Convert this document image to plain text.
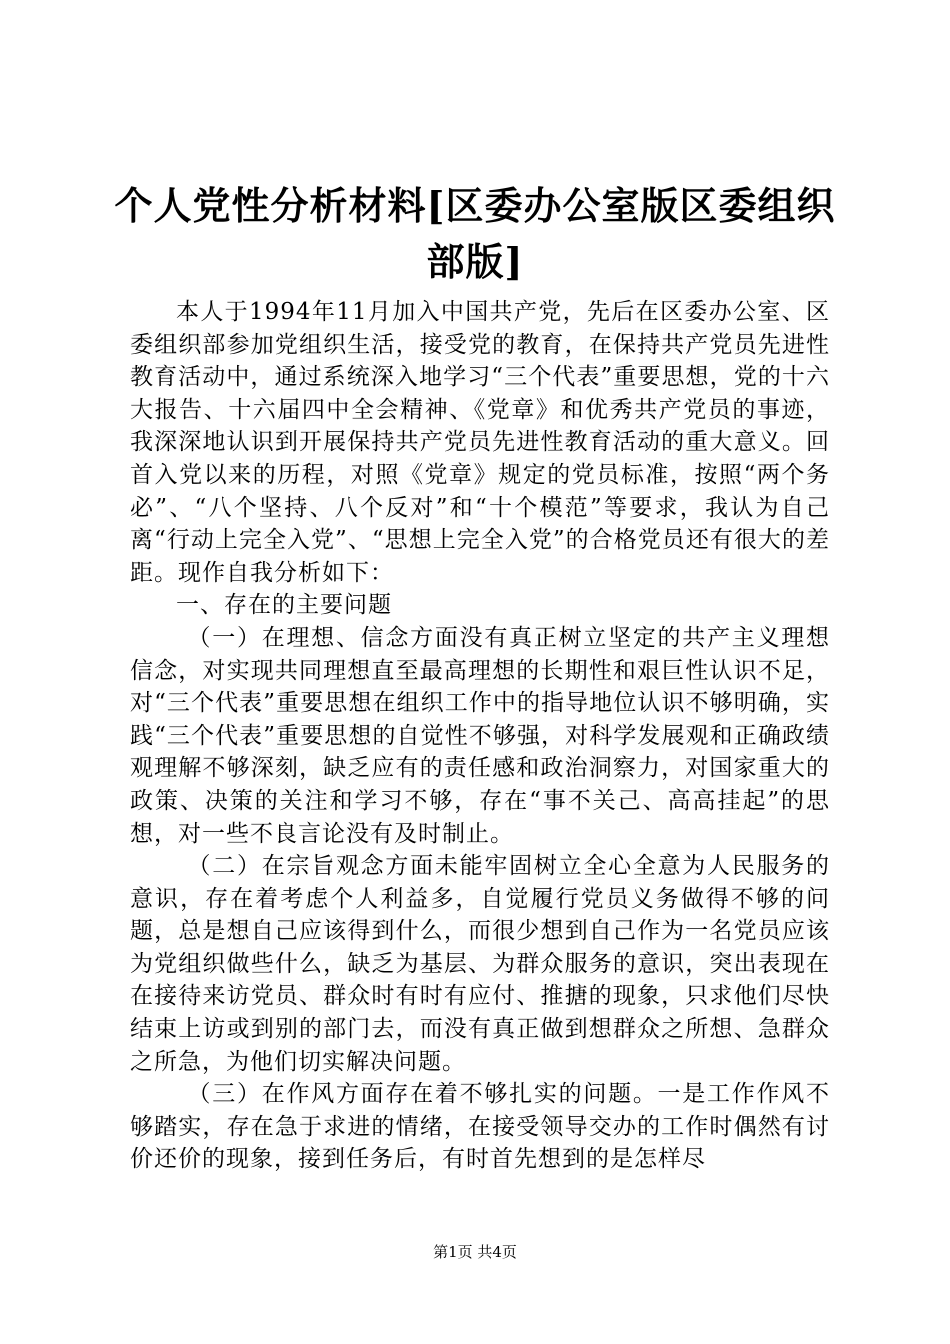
个人党性分析材料[区委办公室版区委组织部版]

本人于1994年11月加入中国共产党，先后在区委办公室、区委组织部参加党组织生活，接受党的教育，在保持共产党员先进性教育活动中，通过系统深入地学习“三个代表”重要思想，党的十六大报告、十六届四中全会精神、《党章》和优秀共产党员的事迹，我深深地认识到开展保持共产党员先进性教育活动的重大意义。回首入党以来的历程，对照《党章》规定的党员标准，按照“两个务必”、“八个坚持、八个反对”和“十个模范”等要求，我认为自己离“行动上完全入党”、“思想上完全入党”的合格党员还有很大的差距。现作自我分析如下：

一、存在的主要问题

（一）在理想、信念方面没有真正树立坚定的共产主义理想信念，对实现共同理想直至最高理想的长期性和艰巨性认识不足，对“三个代表”重要思想在组织工作中的指导地位认识不够明确，实践“三个代表”重要思想的自觉性不够强，对科学发展观和正确政绩观理解不够深刻，缺乏应有的责任感和政治洞察力，对国家重大的政策、决策的关注和学习不够，存在“事不关己、高高挂起”的思想，对一些不良言论没有及时制止。

（二）在宗旨观念方面未能牢固树立全心全意为人民服务的意识，存在着考虑个人利益多，自觉履行党员义务做得不够的问题，总是想自己应该得到什么，而很少想到自己作为一名党员应该为党组织做些什么，缺乏为基层、为群众服务的意识，突出表现在在接待来访党员、群众时有时有应付、推搪的现象，只求他们尽快结束上访或到别的部门去，而没有真正做到想群众之所想、急群众之所急，为他们切实解决问题。

（三）在作风方面存在着不够扎实的问题。一是工作作风不够踏实，存在急于求进的情绪，在接受领导交办的工作时偶然有讨价还价的现象，接到任务后，有时首先想到的是怎样尽

第1页 共4页
